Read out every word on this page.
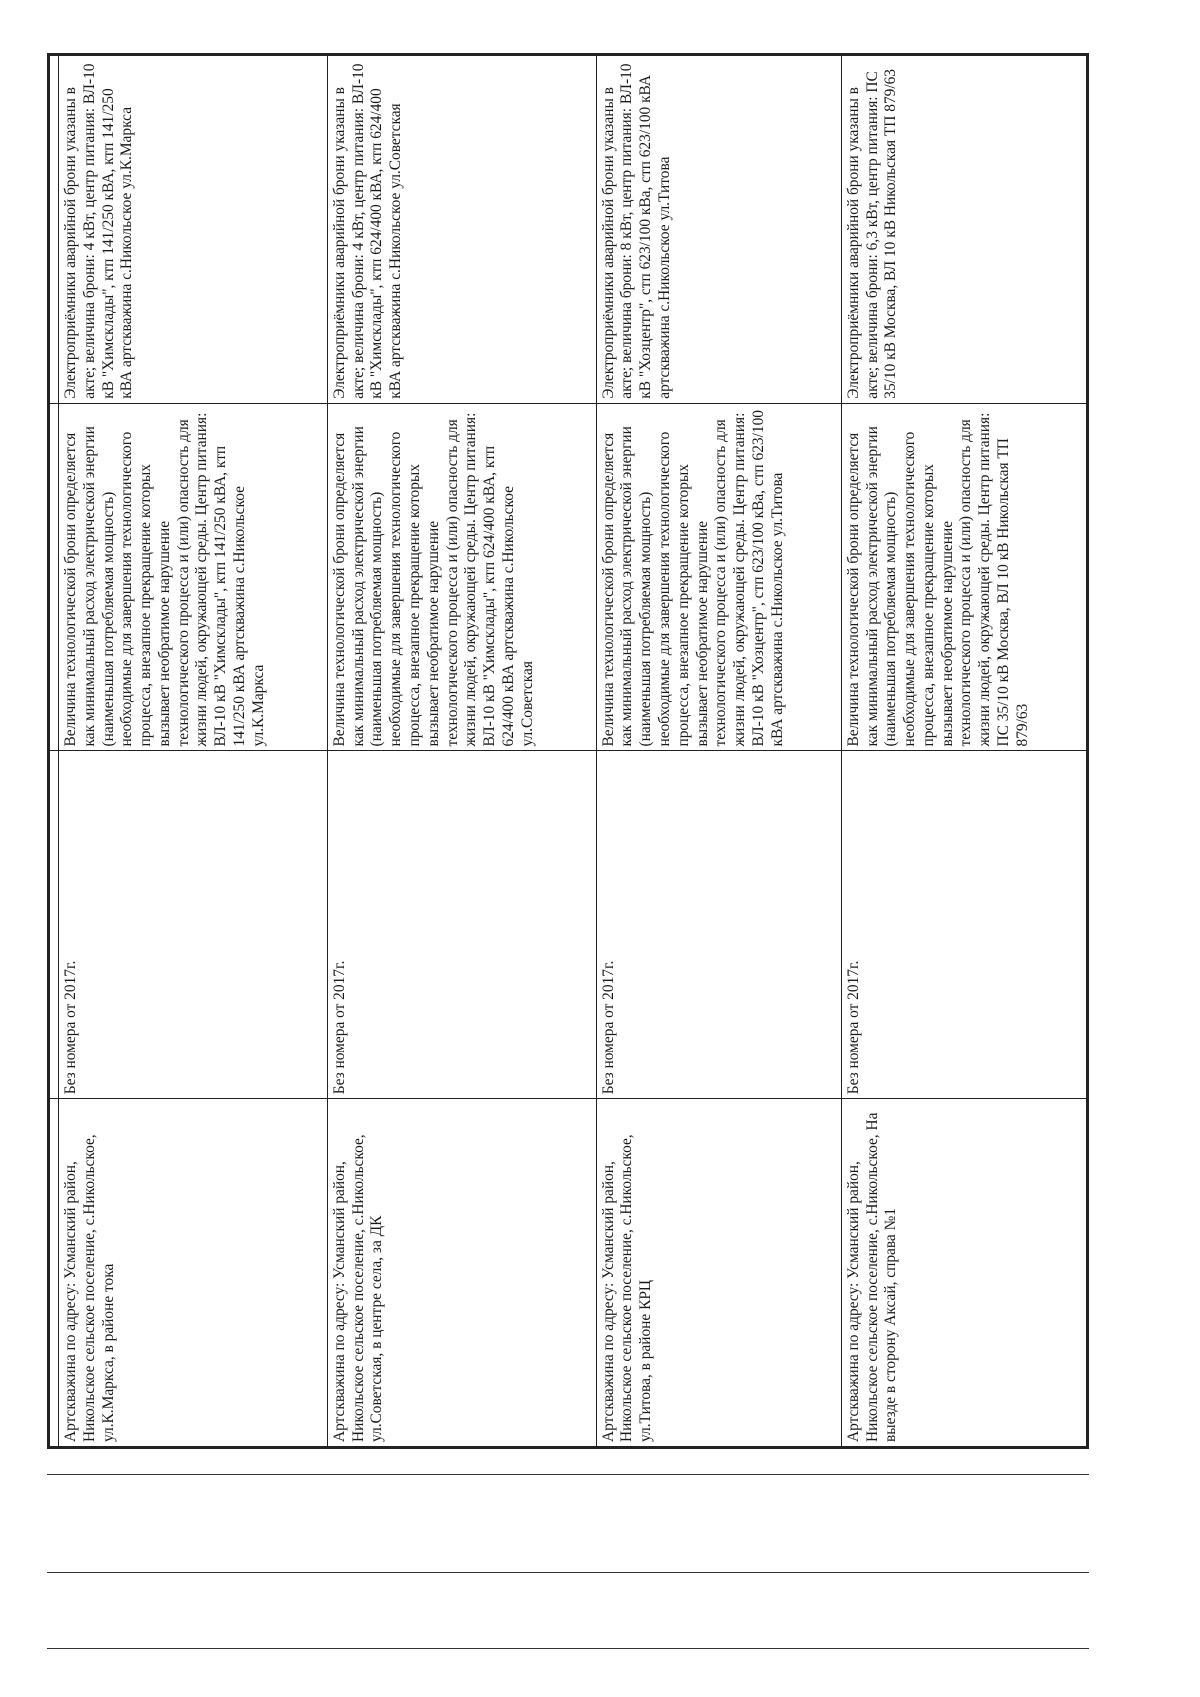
Артскважина по адресу: Усманский район, Никольское сельское поселение, с.Никольское, ул.К.Маркса, в районе тока	Без номера от 2017г.	Величина технологической брони определяется как минимальный расход электрической энергии (наименьшая потребляемая мощность) необходимые для завершения технологического процесса, внезапное прекращение которых вызывает необратимое нарушение технологического процесса и (или) опасность для жизни людей, окружающей среды. Центр питания: ВЛ-10 кВ "Химсклады", ктп 141/250 кВА, ктп 141/250 кВА артскважина с.Никольское ул.К.Маркса	Электроприёмники аварийной брони указаны в акте; величина брони: 4 кВт, центр питания: ВЛ-10 кВ "Химсклады", ктп 141/250 кВА, ктп 141/250 кВА артскважина с.Никольское ул.К.Маркса
Артскважина по адресу: Усманский район, Никольское сельское поселение, с.Никольское, ул.Советская, в центре села, за ДК	Без номера от 2017г.	Величина технологической брони определяется как минимальный расход электрической энергии (наименьшая потребляемая мощность) необходимые для завершения технологического процесса, внезапное прекращение которых вызывает необратимое нарушение технологического процесса и (или) опасность для жизни людей, окружающей среды. Центр питания: ВЛ-10 кВ "Химсклады", ктп 624/400 кВА, ктп 624/400 кВА артскважина с.Никольское ул.Советская	Электроприёмники аварийной брони указаны в акте; величина брони: 4 кВт, центр питания: ВЛ-10 кВ "Химсклады", ктп 624/400 кВА, ктп 624/400 кВА артскважина с.Никольское ул.Советская
Артскважина по адресу: Усманский район, Никольское сельское поселение, с.Никольское, ул.Титова, в районе КРЦ	Без номера от 2017г.	Величина технологической брони определяется как минимальный расход электрической энергии (наименьшая потребляемая мощность) необходимые для завершения технологического процесса, внезапное прекращение которых вызывает необратимое нарушение технологического процесса и (или) опасность для жизни людей, окружающей среды. Центр питания: ВЛ-10 кВ "Хозцентр", стп 623/100 кВа, стп 623/100 кВА артскважина с.Никольское ул.Титова	Электроприёмники аварийной брони указаны в акте; величина брони: 8 кВт, центр питания: ВЛ-10 кВ "Хозцентр", стп 623/100 кВа, стп 623/100 кВА артскважина с.Никольское ул.Титова
Артскважина по адресу: Усманский район, Никольское сельское поселение, с.Никольское, На выезде в сторону Аксай, справа №1	Без номера от 2017г.	Величина технологической брони определяется как минимальный расход электрической энергии (наименьшая потребляемая мощность) необходимые для завершения технологического процесса, внезапное прекращение которых вызывает необратимое нарушение технологического процесса и (или) опасность для жизни людей, окружающей среды. Центр питания: ПС 35/10 кВ Москва, ВЛ 10 кВ Никольская ТП 879/63	Электроприёмники аварийной брони указаны в акте; величина брони: 6,3 кВт, центр питания: ПС 35/10 кВ Москва, ВЛ 10 кВ Никольская ТП 879/63
